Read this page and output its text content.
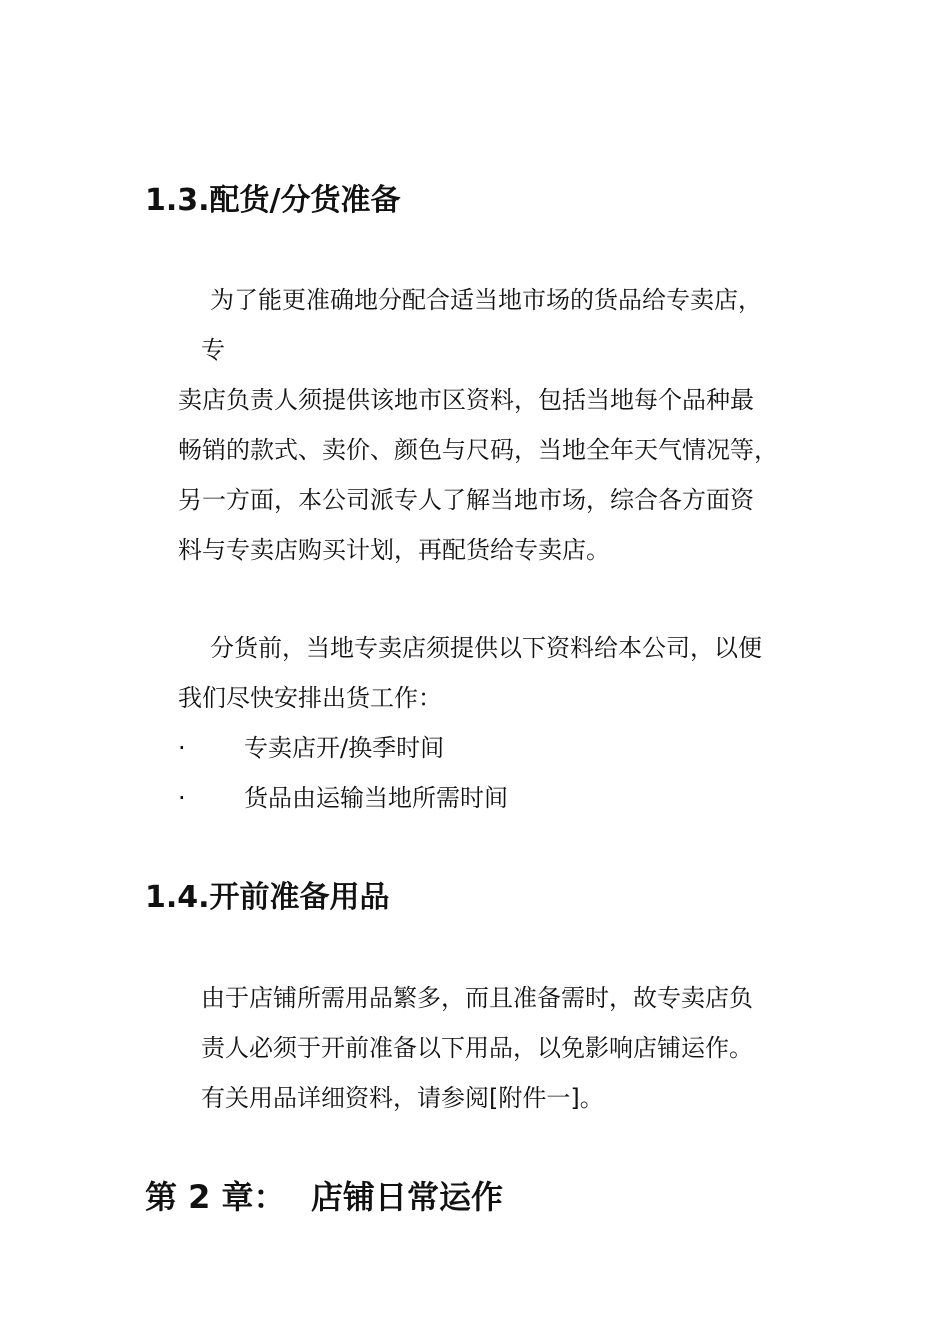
1.3.配货/分货准备

为了能更准确地分配合适当地市场的货品给专卖店，

专

卖店负责人须提供该地市区资料，包括当地每个品种最

畅销的款式、卖价、颜色与尺码，当地全年天气情况等，

另一方面，本公司派专人了解当地市场，综合各方面资

料与专卖店购买计划，再配货给专卖店。

分货前，当地专卖店须提供以下资料给本公司，以便

我们尽快安排出货工作：

· 专卖店开/换季时间
· 货品由运输当地所需时间
1.4.开前准备用品

由于店铺所需用品繁多，而且准备需时，故专卖店负

责人必须于开前准备以下用品，以免影响店铺运作。

有关用品详细资料，请参阅[附件一]。

第 2 章： 店铺日常运作
